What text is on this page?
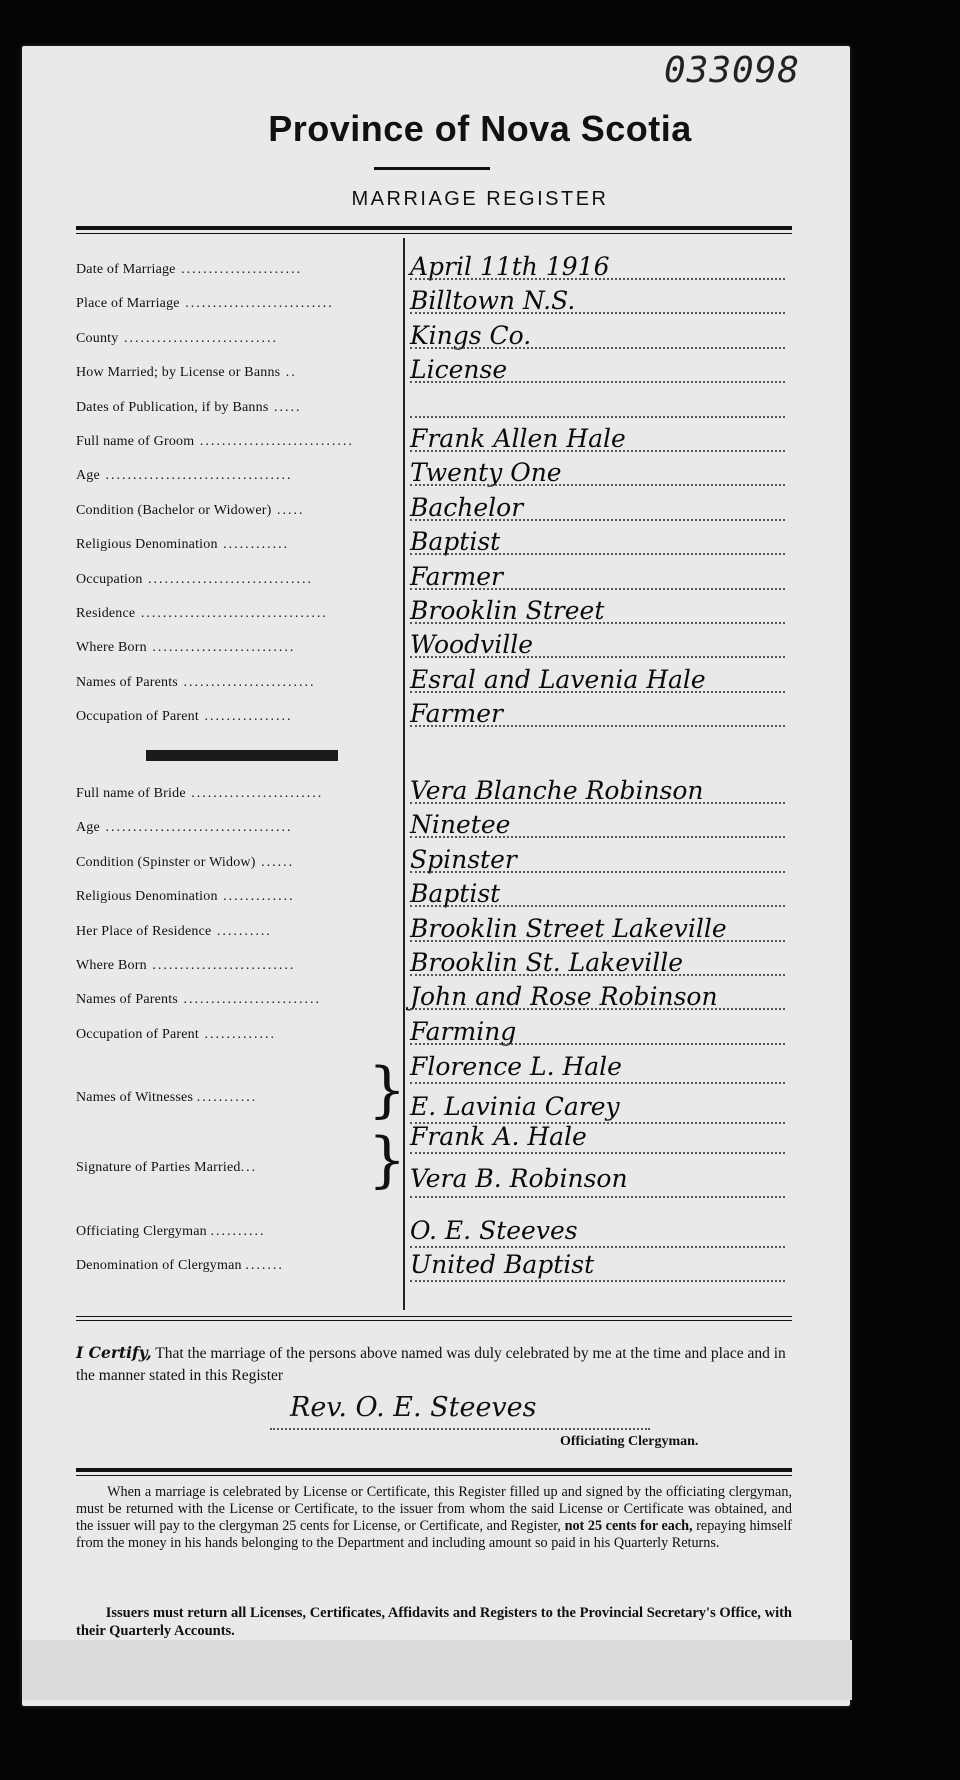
033098
Province of Nova Scotia
MARRIAGE REGISTER
Date of Marriage ......................	April 11th 1916
Place of Marriage ...........................	Billtown N.S.
County ............................	Kings Co.
How Married; by License or Banns ..	License
Dates of Publication, if by Banns .....
Full name of Groom ............................ Frank Allen Hale
Age ..................................	Twenty One
Condition (Bachelor or Widower) .....	Bachelor
Religious Denomination ............	Baptist
Occupation ..............................	Farmer
Residence ..................................	Brooklin Street
Where Born ..........................	Woodville
Names of Parents ........................	Esral and Lavenia Hale
Occupation of Parent ................	Farmer
Full name of Bride ........................	Vera Blanche Robinson
Age ..................................	Ninetee
Condition (Spinster or Widow) ......	Spinster
Religious Denomination .............	Baptist
Her Place of Residence ..........	Brooklin Street Lakeville
Where Born ..........................	Brooklin St. Lakeville
Names of Parents .........................	John and Rose Robinson
Occupation of Parent .............	Farming
Names of Witnesses ........... } Florence L. Hale
E. Lavinia Carey
Signature of Parties Married... } Frank A. Hale
Vera B. Robinson
Officiating Clergyman ..........	O. E. Steeves
Denomination of Clergyman .......	United Baptist
I Certify, That the marriage of the persons above named was duly celebrated by me at the time and place and in the manner stated in this Register
Rev. O. E. Steeves
Officiating Clergyman.
When a marriage is celebrated by License or Certificate, this Register filled up and signed by the officiating clergyman, must be returned with the License or Certificate, to the issuer from whom the said License or Certificate was obtained, and the issuer will pay to the clergyman 25 cents for License, or Certificate, and Register, not 25 cents for each, repaying himself from the money in his hands belonging to the Department and including amount so paid in his Quarterly Returns.
Issuers must return all Licenses, Certificates, Affidavits and Registers to the Provincial Secretary's Office, with their Quarterly Accounts.
